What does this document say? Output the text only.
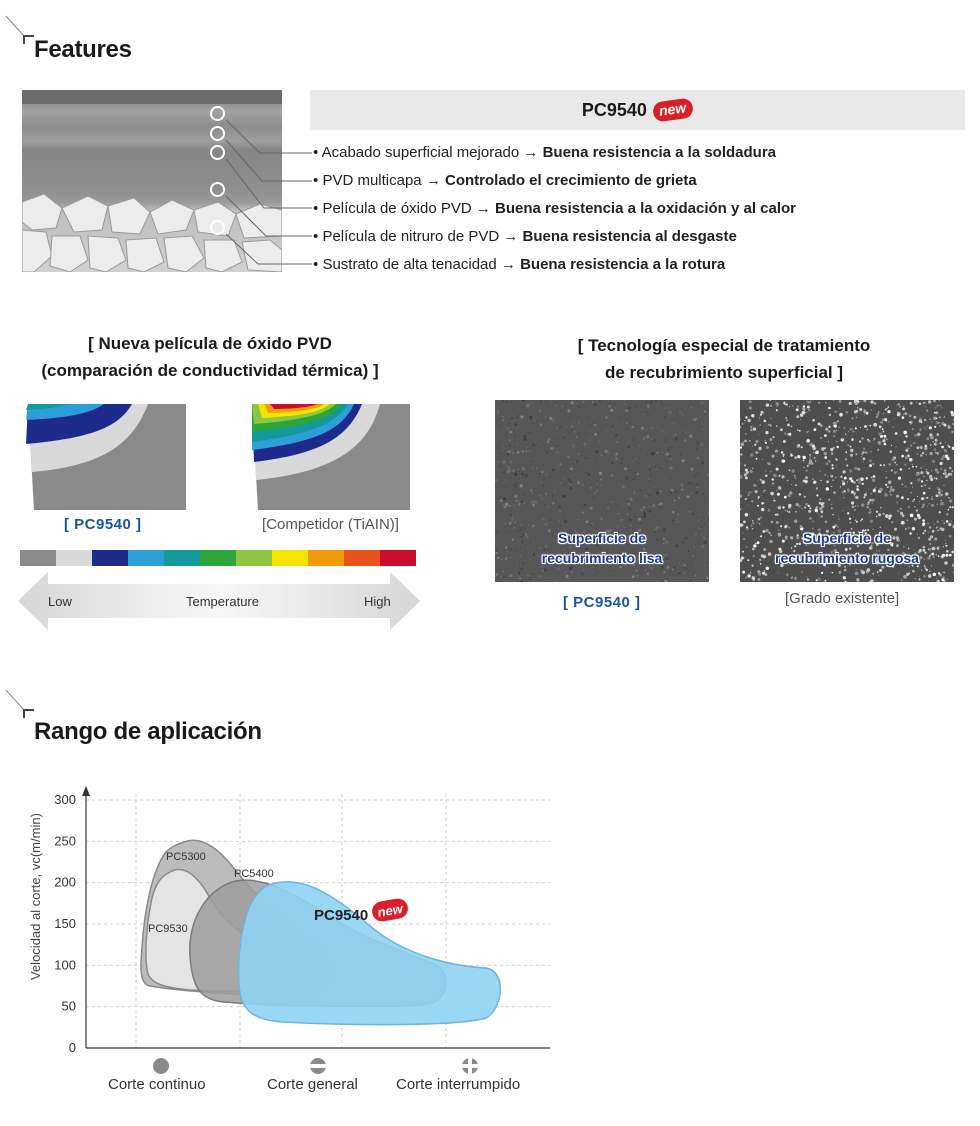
Features
PC9540 new
• Acabado superficial mejorado → Buena resistencia a la soldadura
• PVD multicapa → Controlado el crecimiento de grieta
• Película de óxido PVD → Buena resistencia a la oxidación y al calor
• Película de nitruro de PVD → Buena resistencia al desgaste
• Sustrato de alta tenacidad → Buena resistencia a la rotura
[ Nueva película de óxido PVD
(comparación de conductividad térmica) ]
[ PC9540 ]	[Competidor (TiAIN)]
Low	Temperature	High
[ Tecnología especial de tratamiento
de recubrimiento superficial ]
Superficie de
recubrimiento lisa
Superficie de
recubrimiento rugosa
[ PC9540 ]	[Grado existente]
Rango de aplicación
300
250
200
150
100
50
0
Velocidad al corte, vc(m/min)	PC5300
PC9530
PC5400
PC9540 new
Corte continuo	Corte general	Corte interrumpido
